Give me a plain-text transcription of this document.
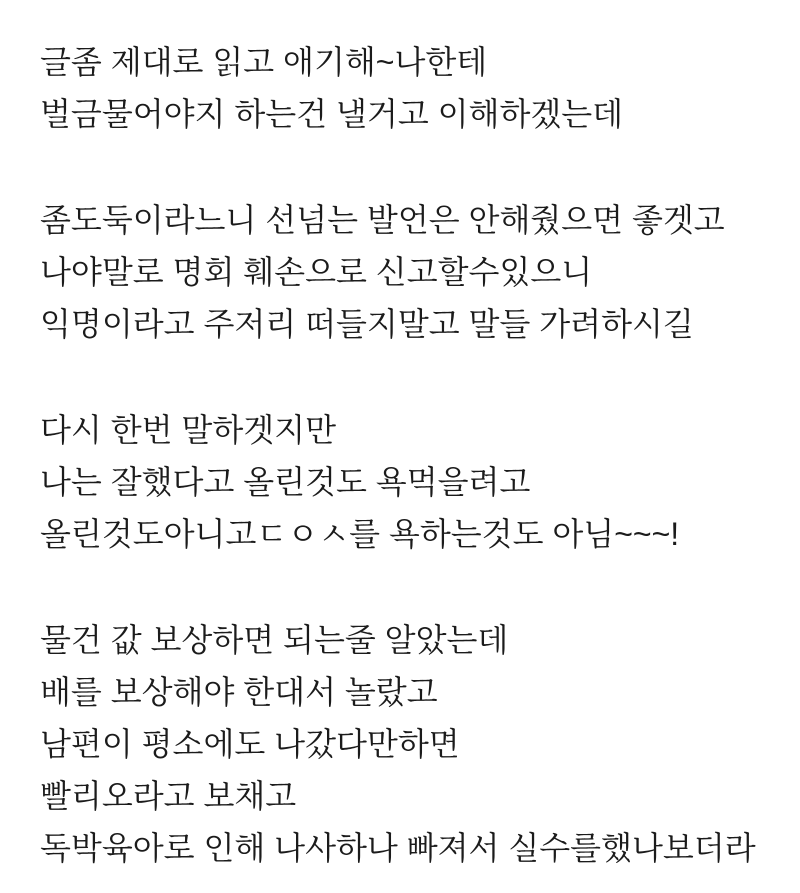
글좀 제대로 읽고 애기해~나한테
벌금물어야지 하는건 낼거고 이해하겠는데
좀도둑이라느니 선넘는 발언은 안해줬으면 좋겟고
나야말로 명회 훼손으로 신고할수있으니
익명이라고 주저리 떠들지말고 말들 가려하시길
다시 한번 말하겟지만
나는 잘했다고 올린것도 욕먹을려고
올린것도아니고ㄷㅇㅅ를 욕하는것도 아님~~~!
물건 값 보상하면 되는줄 알았는데
배를 보상해야 한대서 놀랐고
남편이 평소에도 나갔다만하면
빨리오라고 보채고
독박육아로 인해 나사하나 빠져서 실수를했나보더라
